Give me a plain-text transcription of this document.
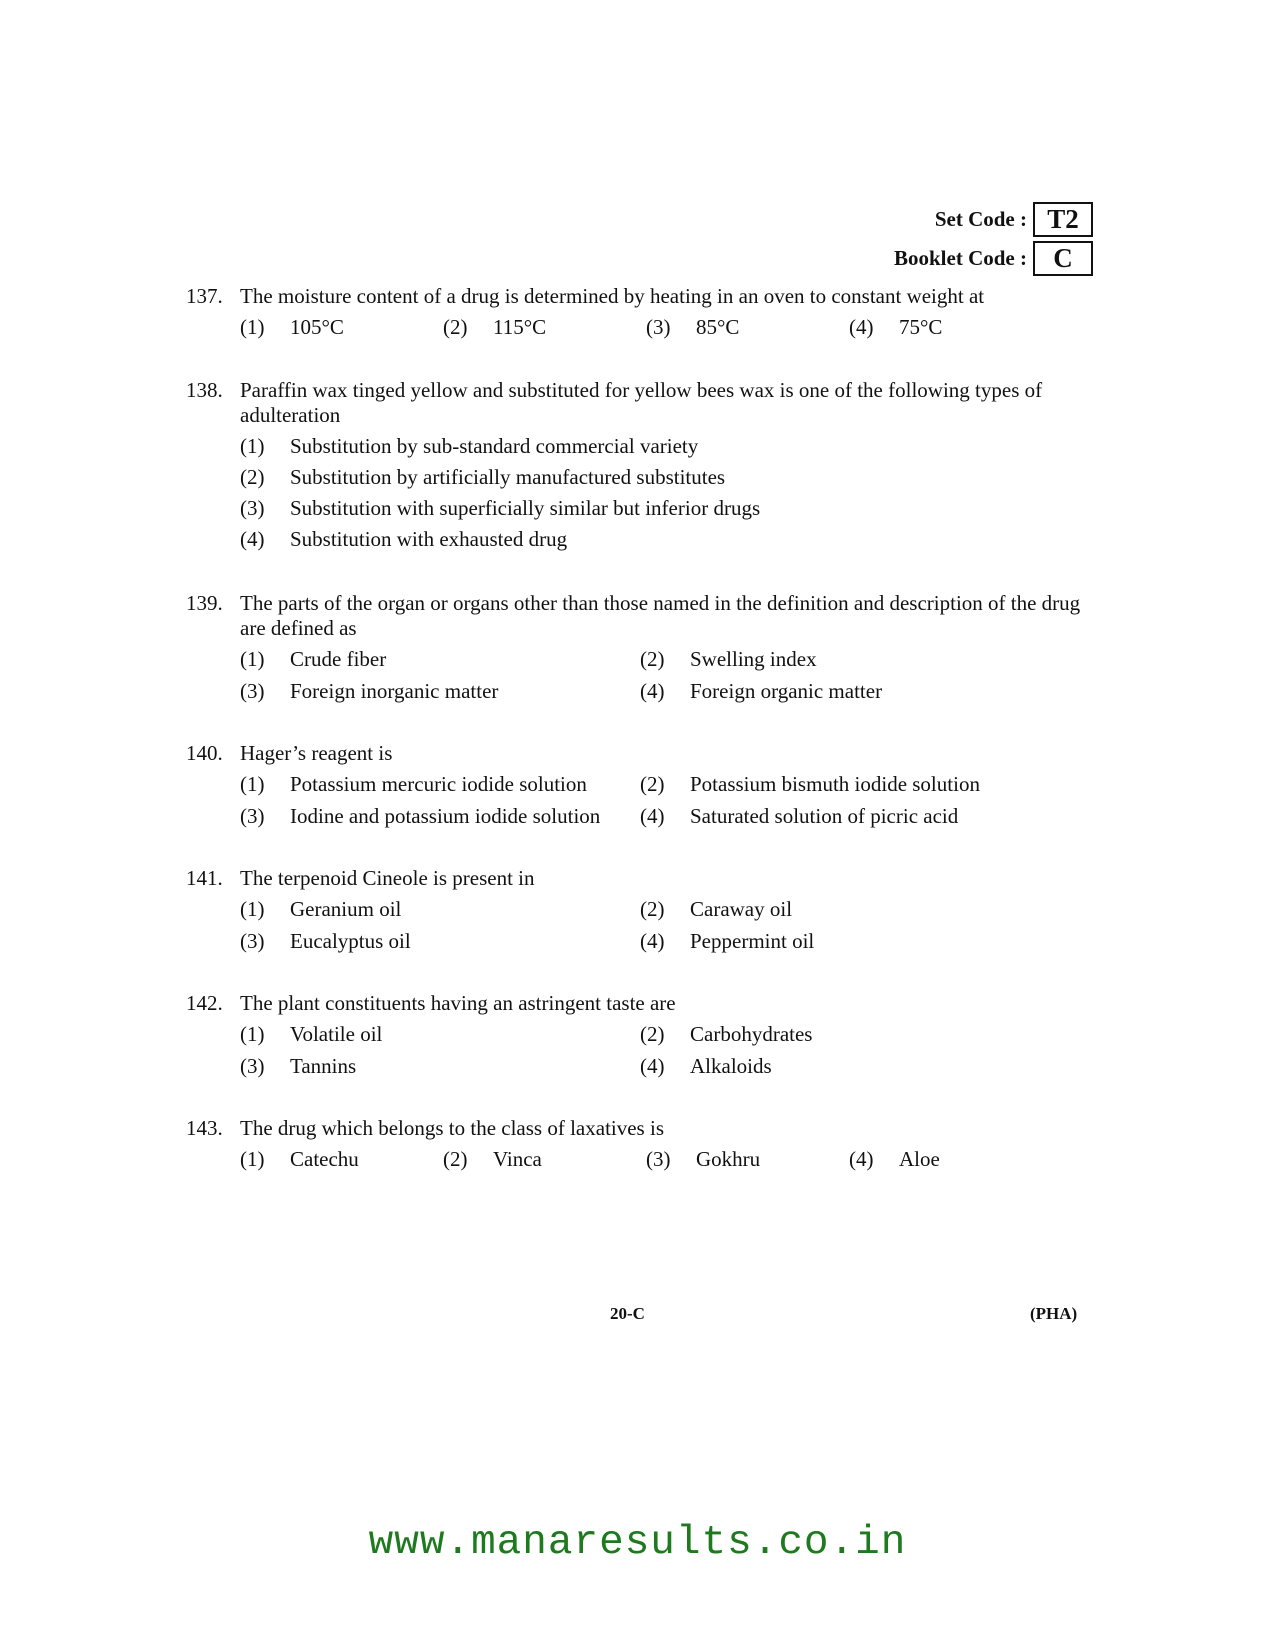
Set Code : T2
Booklet Code : C
137. The moisture content of a drug is determined by heating in an oven to constant weight at
(1)	105°C	(2)	115°C	(3)	85°C	(4)	75°C
138. Paraffin wax tinged yellow and substituted for yellow bees wax is one of the following types of adulteration
(1)	Substitution by sub-standard commercial variety
(2)	Substitution by artificially manufactured substitutes
(3)	Substitution with superficially similar but inferior drugs
(4)	Substitution with exhausted drug
139. The parts of the organ or organs other than those named in the definition and description of the drug are defined as
(1)	Crude fiber	(2)	Swelling index
(3)	Foreign inorganic matter	(4)	Foreign organic matter
140. Hager’s reagent is
(1)	Potassium mercuric iodide solution	(2)	Potassium bismuth iodide solution
(3)	Iodine and potassium iodide solution (4)	Saturated solution of picric acid
141. The terpenoid Cineole is present in
(1)	Geranium oil	(2)	Caraway oil
(3)	Eucalyptus oil	(4)	Peppermint oil
142. The plant constituents having an astringent taste are
(1)	Volatile oil	(2)	Carbohydrates
(3)	Tannins	(4)	Alkaloids
143. The drug which belongs to the class of laxatives is
(1)	Catechu	(2)	Vinca	(3)	Gokhru	(4)	Aloe
20-C	(PHA)
www.manaresults.co.in
